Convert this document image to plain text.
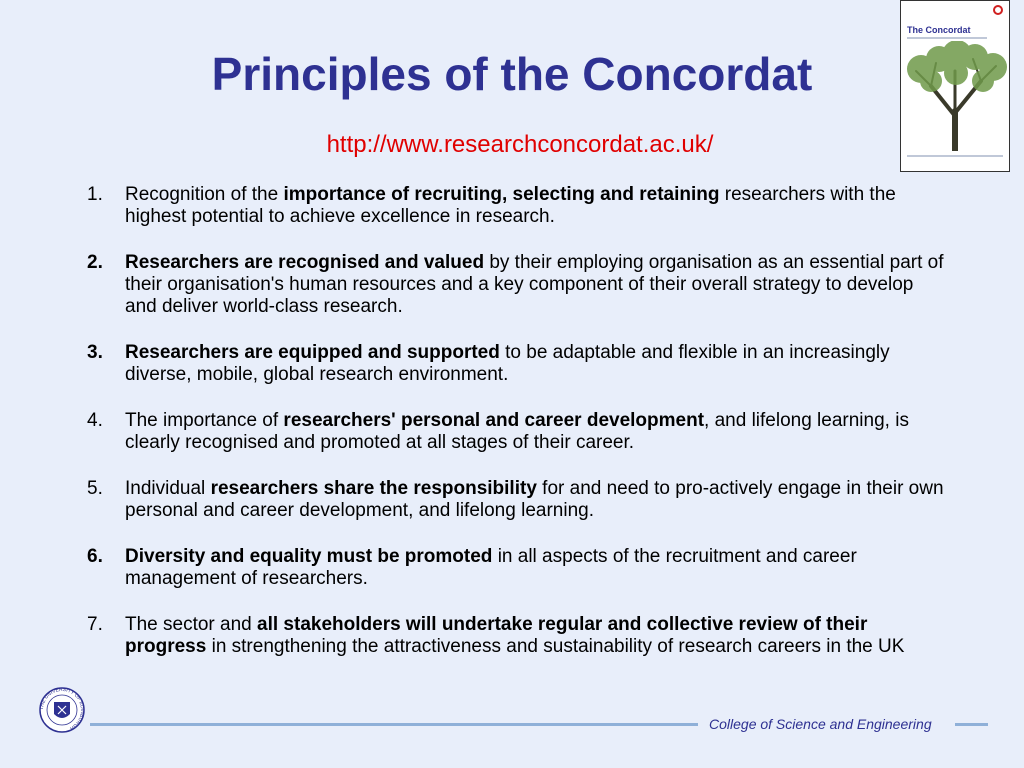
Principles of the Concordat
http://www.researchconcordat.ac.uk/
The Concordat
1. Recognition of the importance of recruiting, selecting and retaining researchers with the highest potential to achieve excellence in research.
2. Researchers are recognised and valued by their employing organisation as an essential part of their organisation's human resources and a key component of their overall strategy to develop and deliver world-class research.
3. Researchers are equipped and supported to be adaptable and flexible in an increasingly diverse, mobile, global research environment.
4. The importance of researchers' personal and career development, and lifelong learning, is clearly recognised and promoted at all stages of their career.
5. Individual researchers share the responsibility for and need to pro-actively engage in their own personal and career development, and lifelong learning.
6. Diversity and equality must be promoted in all aspects of the recruitment and career management of researchers.
7. The sector and all stakeholders will undertake regular and collective review of their progress in strengthening the attractiveness and sustainability of research careers in the UK
THE UNIVERSITY OF EDINBURGH	College of Science and Engineering
